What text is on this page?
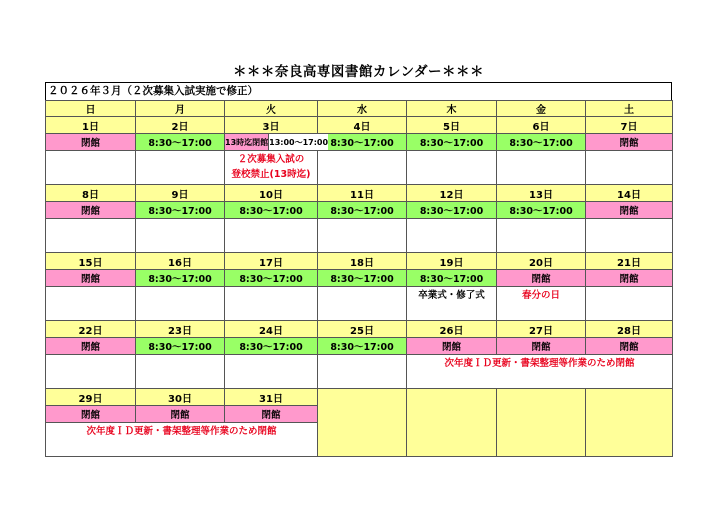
＊＊＊奈良高専図書館カレンダー＊＊＊
２０２６年３月（２次募集入試実施で修正）
日	月	火	水	木	金	土
1日	2日	3日	4日	5日	6日	7日
閉館	8:30～17:00	13時迄閉館 13:00～17:00	8:30～17:00	8:30～17:00	8:30～17:00	閉館

		２次募集入試の
登校禁止(13時迄)				

8日	9日	10日	11日	12日	13日	14日
閉館	8:30～17:00	8:30～17:00	8:30～17:00	8:30～17:00	8:30～17:00	閉館

15日	16日	17日	18日	19日	20日	21日
閉館	8:30～17:00	8:30～17:00	8:30～17:00	8:30～17:00	閉館	閉館

				卒業式・修了式	春分の日	

22日	23日	24日	25日	26日	27日	28日
閉館	8:30～17:00	8:30～17:00	8:30～17:00	閉館	閉館	閉館

				次年度ＩＤ更新・書架整理等作業のため閉館		

29日	30日	31日				
閉館	閉館	閉館				

次年度ＩＤ更新・書架整理等作業のため閉館						
